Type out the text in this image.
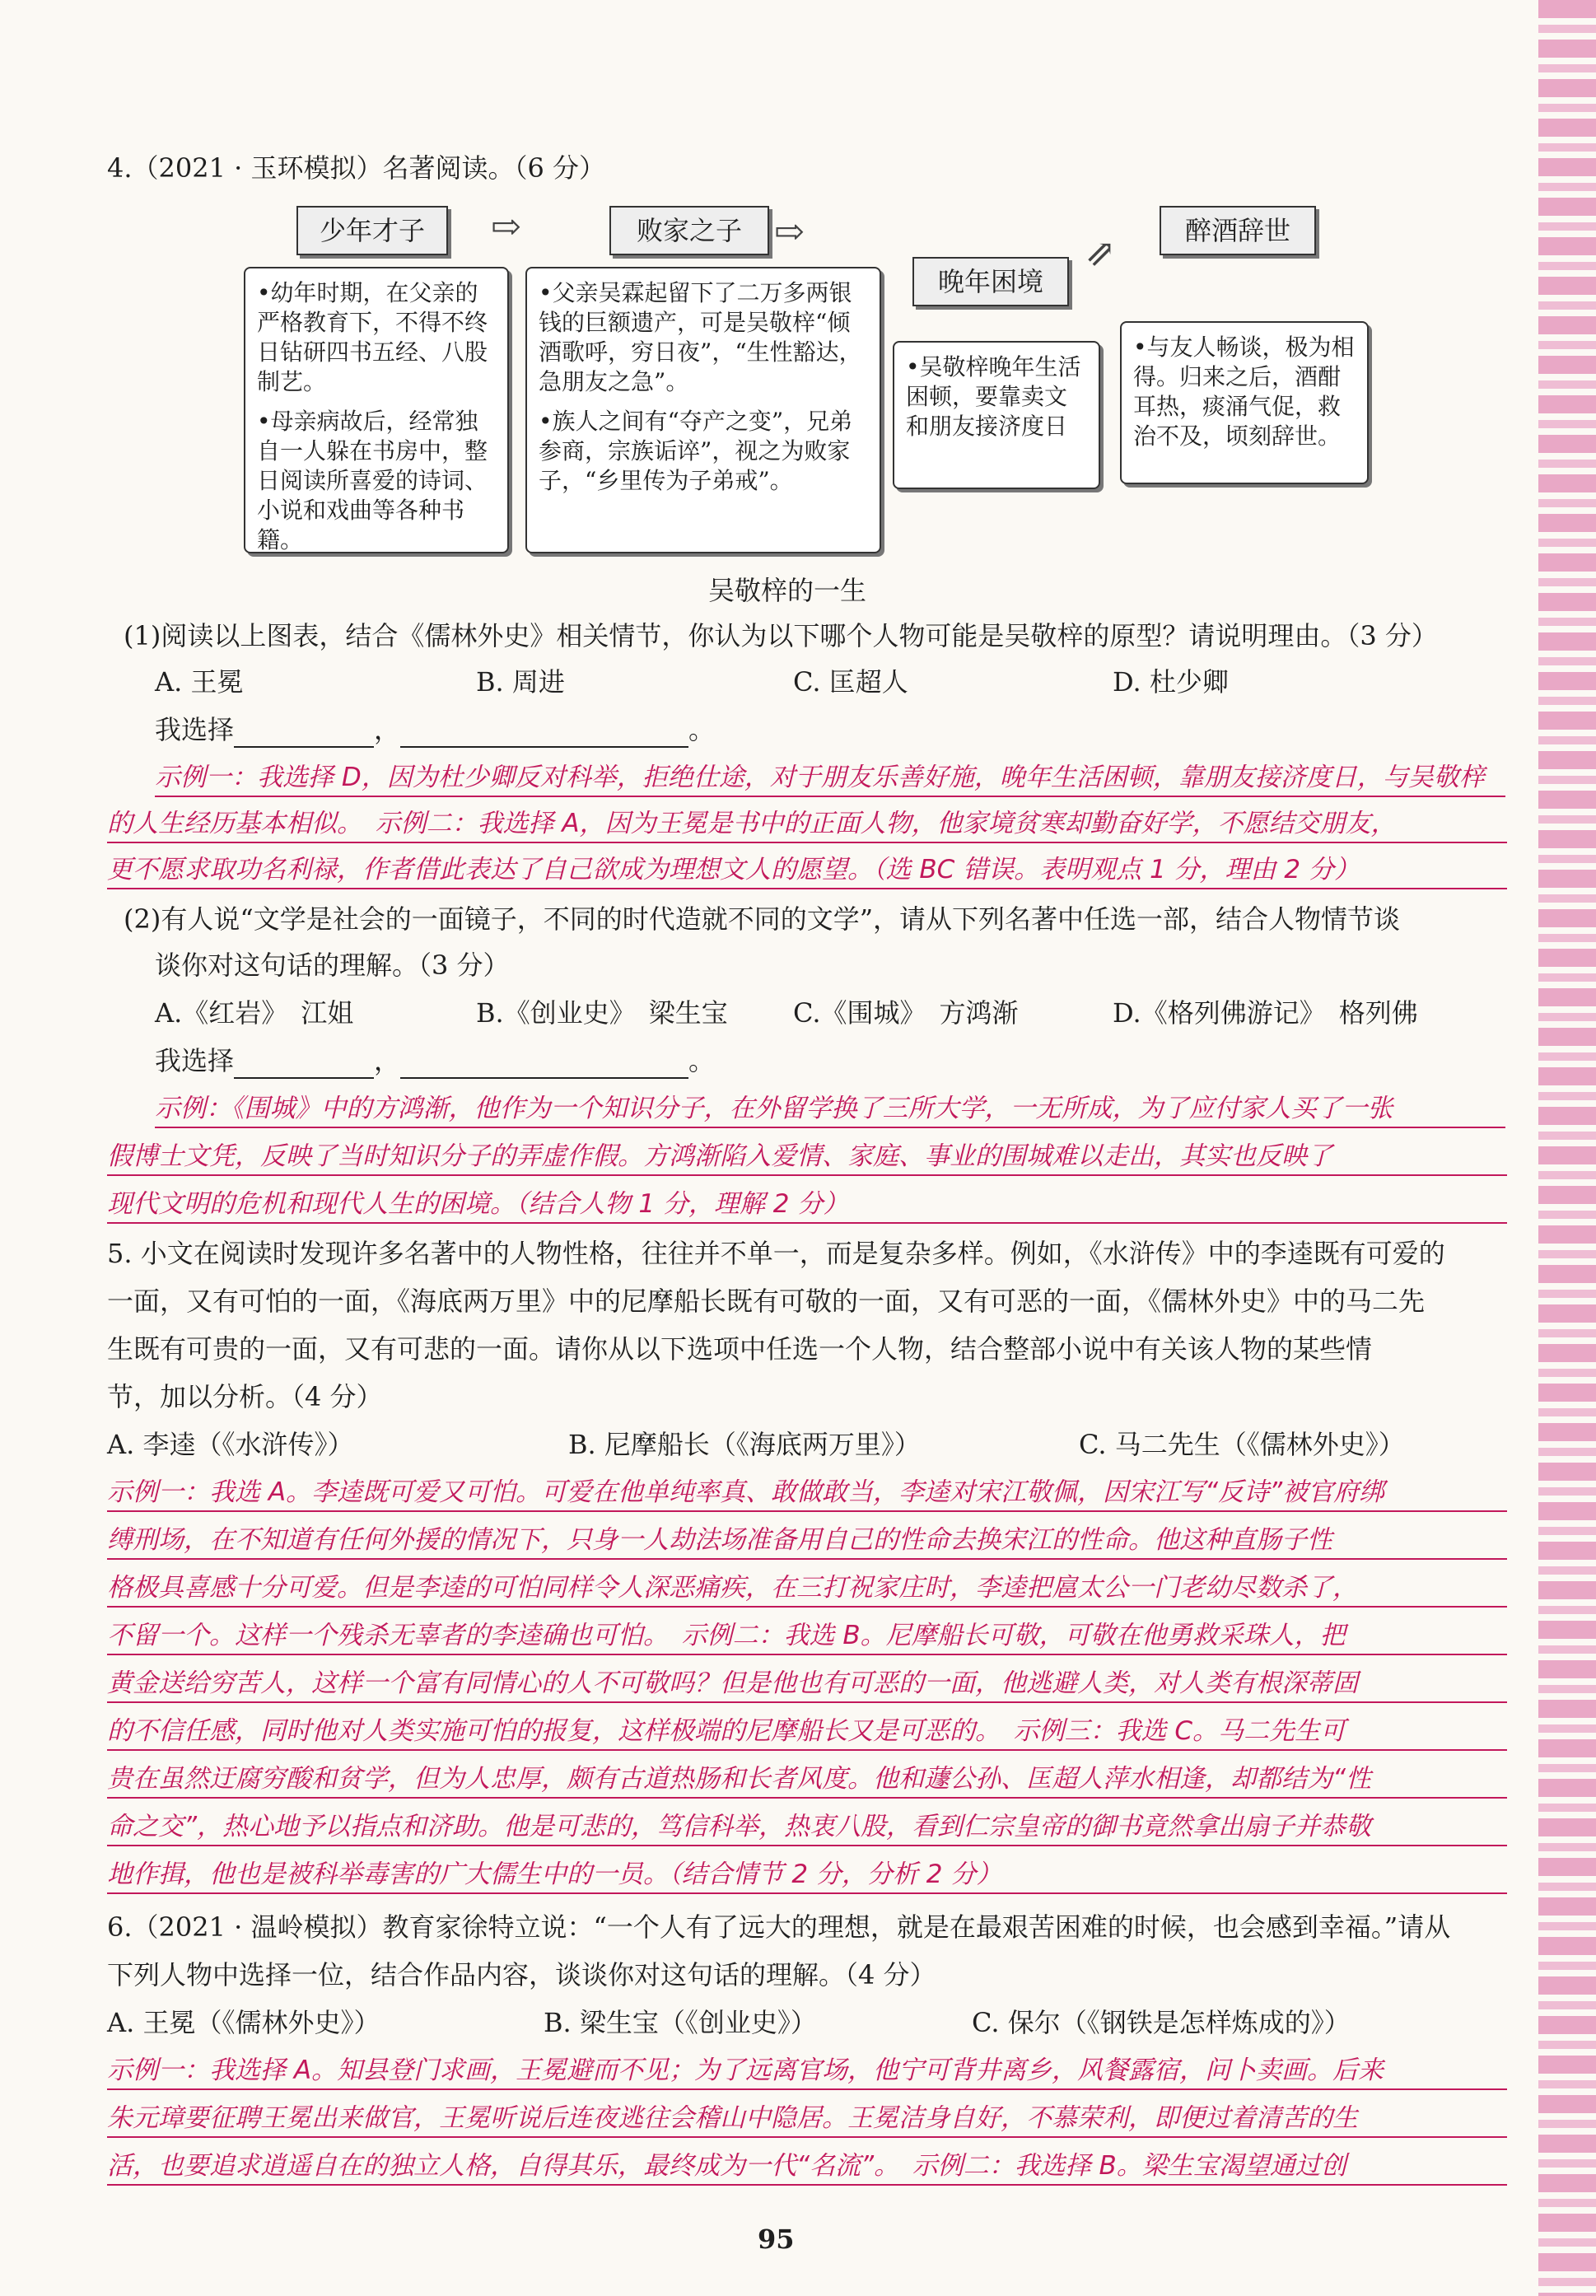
4.（2021 · 玉环模拟）名著阅读。（6 分）
少年才子	⇨	败家之子 ⇨
晚年困境
⇗
醉酒辞世
•幼年时期，在父亲的严格教育下，不得不终日钻研四书五经、八股制艺。
•母亲病故后，经常独自一人躲在书房中，整日阅读所喜爱的诗词、小说和戏曲等各种书籍。
•父亲吴霖起留下了二万多两银钱的巨额遗产，可是吴敬梓“倾酒歌呼，穷日夜”，“生性豁达，急朋友之急”。
•族人之间有“夺产之变”，兄弟参商，宗族诟谇”，视之为败家子，“乡里传为子弟戒”。
•吴敬梓晚年生活困顿，要靠卖文和朋友接济度日
•与友人畅谈，极为相得。归来之后，酒酣耳热，痰涌气促，救治不及，顷刻辞世。
吴敬梓的一生
(1)阅读以上图表，结合《儒林外史》相关情节，你认为以下哪个人物可能是吴敬梓的原型？请说明理由。（3 分）
A. 王冕	B. 周进	C. 匡超人	D. 杜少卿
我选择	，	。
示例一：我选择 D，因为杜少卿反对科举，拒绝仕途，对于朋友乐善好施，晚年生活困顿，靠朋友接济度日，与吴敬梓
的人生经历基本相似。　示例二：我选择 A，因为王冕是书中的正面人物，他家境贫寒却勤奋好学，不愿结交朋友，
更不愿求取功名利禄，作者借此表达了自己欲成为理想文人的愿望。（选 BC 错误。表明观点 1 分，理由 2 分）
(2)有人说“文学是社会的一面镜子，不同的时代造就不同的文学”，请从下列名著中任选一部，结合人物情节谈
谈你对这句话的理解。（3 分）
A.《红岩》　江姐	B.《创业史》　梁生宝 C.《围城》　方鸿渐	D.《格列佛游记》　格列佛
我选择	，	。
示例：《围城》中的方鸿渐，他作为一个知识分子，在外留学换了三所大学，一无所成，为了应付家人买了一张
假博士文凭，反映了当时知识分子的弄虚作假。方鸿渐陷入爱情、家庭、事业的围城难以走出，其实也反映了
现代文明的危机和现代人生的困境。（结合人物 1 分，理解 2 分）
5. 小文在阅读时发现许多名著中的人物性格，往往并不单一，而是复杂多样。例如，《水浒传》中的李逵既有可爱的
一面，又有可怕的一面，《海底两万里》中的尼摩船长既有可敬的一面，又有可恶的一面，《儒林外史》中的马二先
生既有可贵的一面，又有可悲的一面。请你从以下选项中任选一个人物，结合整部小说中有关该人物的某些情
节，加以分析。（4 分）
A. 李逵（《水浒传》）	B. 尼摩船长（《海底两万里》）	C. 马二先生（《儒林外史》）
示例一：我选 A。李逵既可爱又可怕。可爱在他单纯率真、敢做敢当，李逵对宋江敬佩，因宋江写“反诗”被官府绑
缚刑场，在不知道有任何外援的情况下，只身一人劫法场准备用自己的性命去换宋江的性命。他这种直肠子性
格极具喜感十分可爱。但是李逵的可怕同样令人深恶痛疾，在三打祝家庄时，李逵把扈太公一门老幼尽数杀了，
不留一个。这样一个残杀无辜者的李逵确也可怕。　示例二：我选 B。尼摩船长可敬，可敬在他勇救采珠人，把
黄金送给穷苦人，这样一个富有同情心的人不可敬吗？但是他也有可恶的一面，他逃避人类，对人类有根深蒂固
的不信任感，同时他对人类实施可怕的报复，这样极端的尼摩船长又是可恶的。　示例三：我选 C。马二先生可
贵在虽然迂腐穷酸和贫学，但为人忠厚，颇有古道热肠和长者风度。他和蘧公孙、匡超人萍水相逢，却都结为“性
命之交”，热心地予以指点和济助。他是可悲的，笃信科举，热衷八股，看到仁宗皇帝的御书竟然拿出扇子并恭敬
地作揖，他也是被科举毒害的广大儒生中的一员。（结合情节 2 分，分析 2 分）
6.（2021 · 温岭模拟）教育家徐特立说：“一个人有了远大的理想，就是在最艰苦困难的时候，也会感到幸福。”请从
下列人物中选择一位，结合作品内容，谈谈你对这句话的理解。（4 分）
A. 王冕（《儒林外史》）	B. 梁生宝（《创业史》）	C. 保尔（《钢铁是怎样炼成的》）
示例一：我选择 A。知县登门求画，王冕避而不见；为了远离官场，他宁可背井离乡，风餐露宿，问卜卖画。后来
朱元璋要征聘王冕出来做官，王冕听说后连夜逃往会稽山中隐居。王冕洁身自好，不慕荣利，即便过着清苦的生
活，也要追求逍遥自在的独立人格，自得其乐，最终成为一代“名流”。　示例二：我选择 B。梁生宝渴望通过创
95
